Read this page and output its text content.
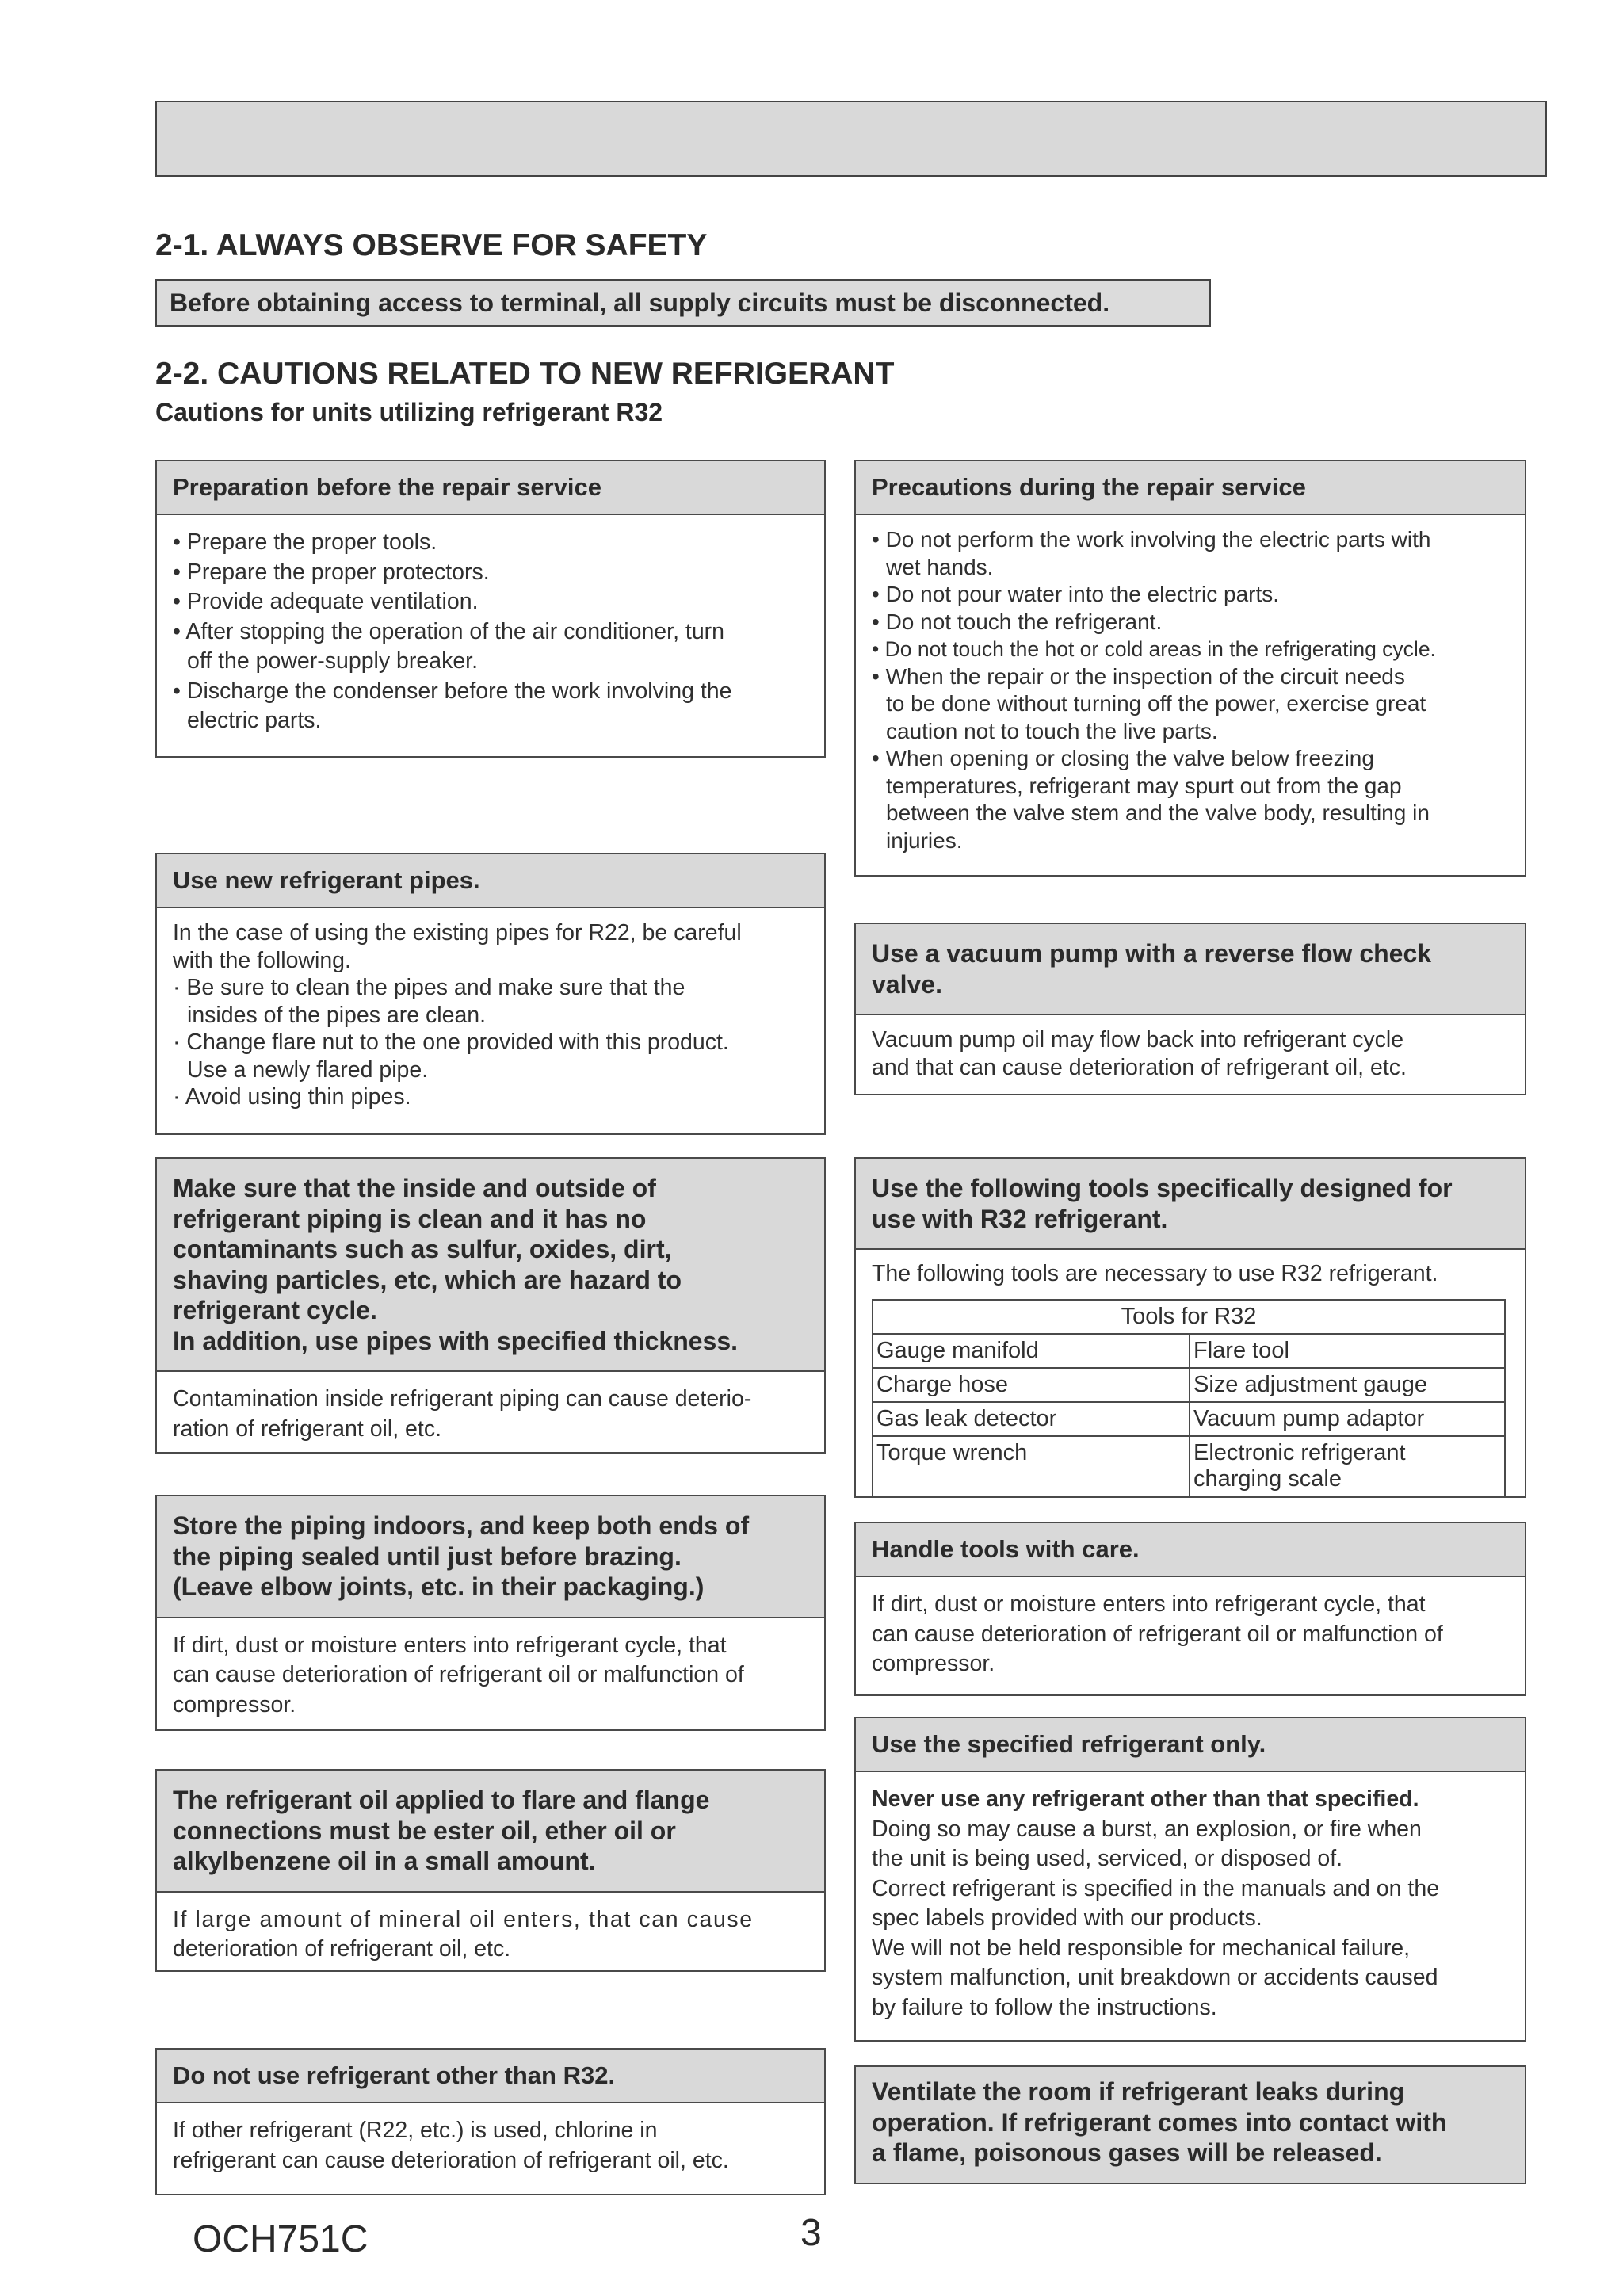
2-1. ALWAYS OBSERVE FOR SAFETY
Before obtaining access to terminal, all supply circuits must be disconnected.
2-2. CAUTIONS RELATED TO NEW REFRIGERANT
Cautions for units utilizing refrigerant R32
Preparation before the repair service
• Prepare the proper tools.
• Prepare the proper protectors.
• Provide adequate ventilation.
• After stopping the operation of the air conditioner, turn
off the power-supply breaker.
• Discharge the condenser before the work involving the
electric parts.
Use new refrigerant pipes.
In the case of using the existing pipes for R22, be careful
with the following.
· Be sure to clean the pipes and make sure that the
insides of the pipes are clean.
· Change flare nut to the one provided with this product.
Use a newly flared pipe.
· Avoid using thin pipes.
Make sure that the inside and outside of
refrigerant piping is clean and it has no
contaminants such as sulfur, oxides, dirt,
shaving particles, etc, which are hazard to
refrigerant cycle.
In addition, use pipes with specified thickness.
Contamination inside refrigerant piping can cause deterio-
ration of refrigerant oil, etc.
Store the piping indoors, and keep both ends of
the piping sealed until just before brazing.
(Leave elbow joints, etc. in their packaging.)
If dirt, dust or moisture enters into refrigerant cycle, that
can cause deterioration of refrigerant oil or malfunction of
compressor.
The refrigerant oil applied to flare and flange
connections must be ester oil, ether oil or
alkylbenzene oil in a small amount.
If large amount of mineral oil enters, that can cause
deterioration of refrigerant oil, etc.
Do not use refrigerant other than R32.
If other refrigerant (R22, etc.) is used, chlorine in
refrigerant can cause deterioration of refrigerant oil, etc.
Precautions during the repair service
• Do not perform the work involving the electric parts with
wet hands.
• Do not pour water into the electric parts.
• Do not touch the refrigerant.
• Do not touch the hot or cold areas in the refrigerating cycle.
• When the repair or the inspection of the circuit needs
to be done without turning off the power, exercise great
caution not to touch the live parts.
• When opening or closing the valve below freezing
temperatures, refrigerant may spurt out from the gap
between the valve stem and the valve body, resulting in
injuries.
Use a vacuum pump with a reverse flow check
valve.
Vacuum pump oil may flow back into refrigerant cycle
and that can cause deterioration of refrigerant oil, etc.
Use the following tools specifically designed for
use with R32 refrigerant.
The following tools are necessary to use R32 refrigerant.
Tools for R32	
Gauge manifold	Flare tool
Charge hose	Size adjustment gauge
Gas leak detector	Vacuum pump adaptor
Torque wrench	Electronic refrigerant
charging scale
Handle tools with care.
If dirt, dust or moisture enters into refrigerant cycle, that
can cause deterioration of refrigerant oil or malfunction of
compressor.
Use the specified refrigerant only.
Never use any refrigerant other than that specified.
Doing so may cause a burst, an explosion, or fire when
the unit is being used, serviced, or disposed of.
Correct refrigerant is specified in the manuals and on the
spec labels provided with our products.
We will not be held responsible for mechanical failure,
system malfunction, unit breakdown or accidents caused
by failure to follow the instructions.
Ventilate the room if refrigerant leaks during
operation. If refrigerant comes into contact with
a flame, poisonous gases will be released.
OCH751C	3
